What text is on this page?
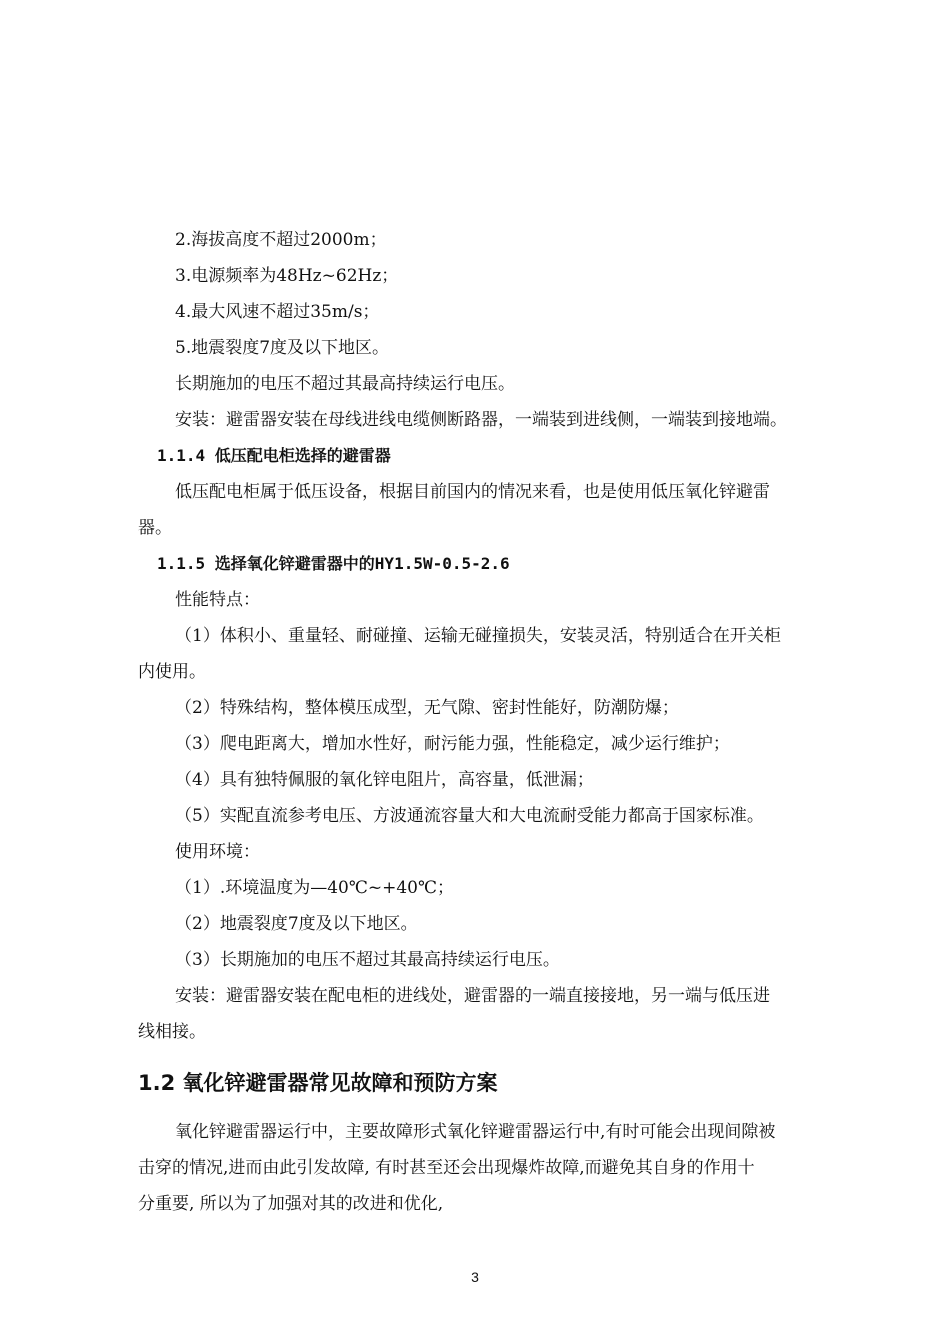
2.海拔高度不超过2000m；
3.电源频率为48Hz~62Hz；
4.最大风速不超过35m/s；
5.地震裂度7度及以下地区。
长期施加的电压不超过其最高持续运行电压。
安装：避雷器安装在母线进线电缆侧断路器，一端装到进线侧，一端装到接地端。
1.1.4 低压配电柜选择的避雷器
低压配电柜属于低压设备，根据目前国内的情况来看，也是使用低压氧化锌避雷
器。
1.1.5 选择氧化锌避雷器中的HY1.5W-0.5-2.6
性能特点：
（1）体积小、重量轻、耐碰撞、运输无碰撞损失，安装灵活，特别适合在开关柜
内使用。
（2）特殊结构，整体模压成型，无气隙、密封性能好，防潮防爆；
（3）爬电距离大，增加水性好，耐污能力强，性能稳定，减少运行维护；
（4）具有独特佩服的氧化锌电阻片，高容量，低泄漏；
（5）实配直流参考电压、方波通流容量大和大电流耐受能力都高于国家标准。
使用环境：
（1）.环境温度为—40℃~+40℃；
（2）地震裂度7度及以下地区。
（3）长期施加的电压不超过其最高持续运行电压。
安装：避雷器安装在配电柜的进线处，避雷器的一端直接接地，另一端与低压进
线相接。
1.2 氧化锌避雷器常见故障和预防方案
氧化锌避雷器运行中，主要故障形式氧化锌避雷器运行中,有时可能会出现间隙被
击穿的情况,进而由此引发故障, 有时甚至还会出现爆炸故障,而避免其自身的作用十
分重要, 所以为了加强对其的改进和优化,
3
